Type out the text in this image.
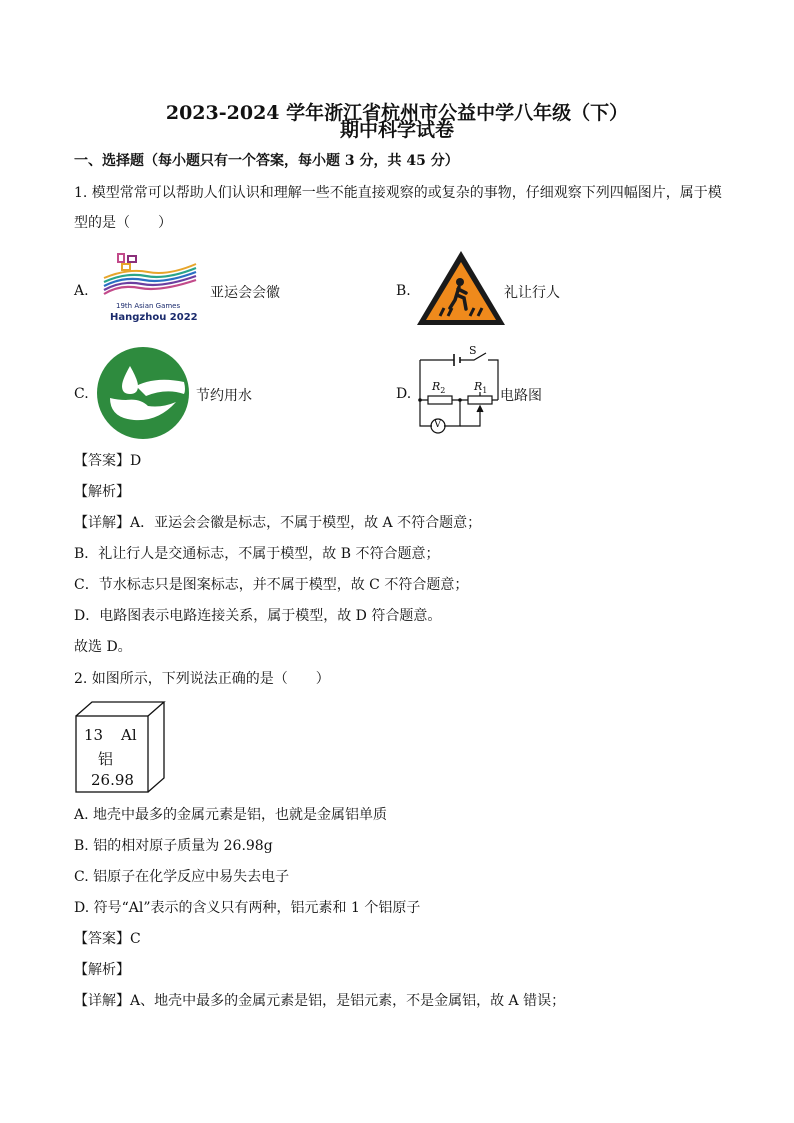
2023-2024 学年浙江省杭州市公益中学八年级（下）
期中科学试卷
一、选择题（每小题只有一个答案，每小题 3 分，共 45 分）
1. 模型常常可以帮助人们认识和理解一些不能直接观察的或复杂的事物，仔细观察下列四幅图片，属于模
型的是（　　）
A.
19th Asian Games
Hangzhou 2022
亚运会会徽	B.	礼让行人
C.	节约用水	D.
S
$R_2$	$R_1$
V
电路图
【答案】D
【解析】
【详解】A．亚运会会徽是标志，不属于模型，故 A 不符合题意；
B．礼让行人是交通标志，不属于模型，故 B 不符合题意；
C．节水标志只是图案标志，并不属于模型，故 C 不符合题意；
D．电路图表示电路连接关系，属于模型，故 D 符合题意。
故选 D。
2. 如图所示，下列说法正确的是（　　）
13 Al
铝
26.98
A. 地壳中最多的金属元素是铝，也就是金属铝单质
B. 铝的相对原子质量为 26.98g
C. 铝原子在化学反应中易失去电子
D. 符号“Al”表示的含义只有两种，铝元素和 1 个铝原子
【答案】C
【解析】
【详解】A、地壳中最多的金属元素是铝，是铝元素，不是金属铝，故 A 错误；
